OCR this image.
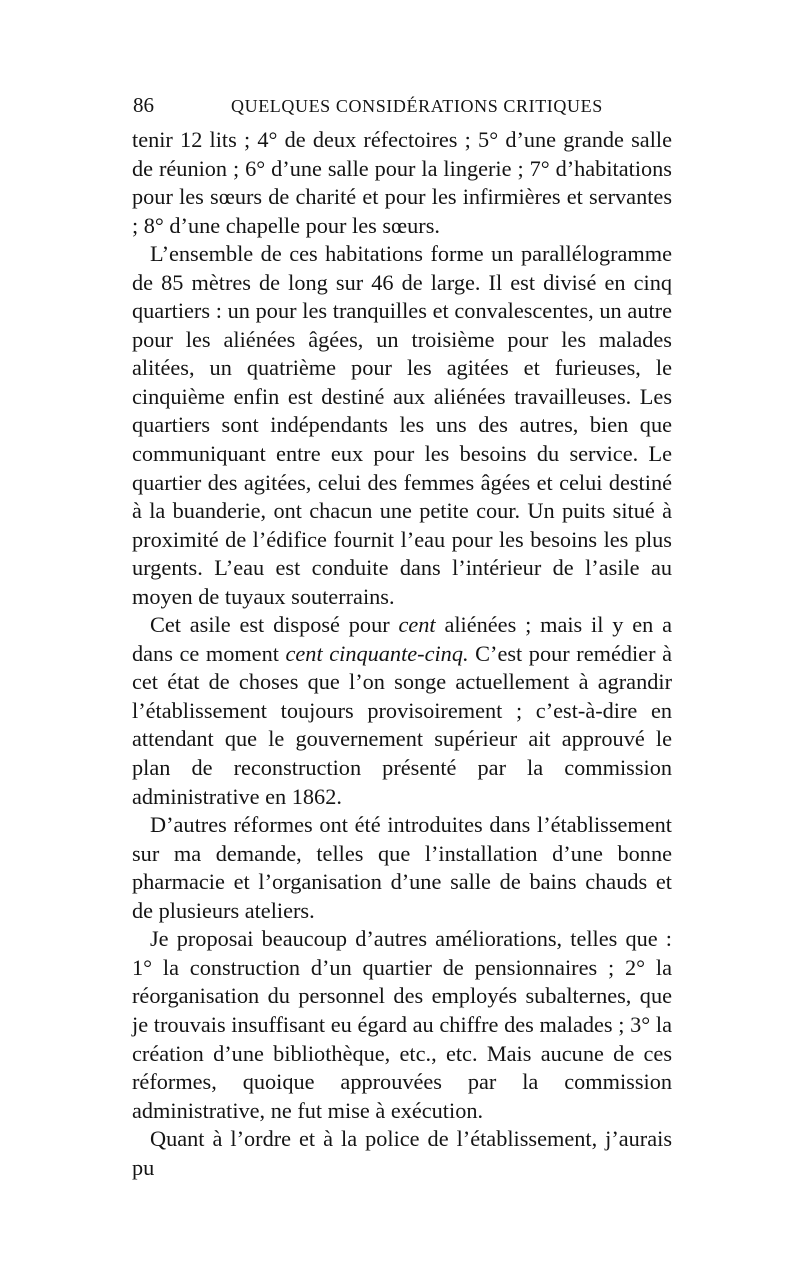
86	QUELQUES CONSIDÉRATIONS CRITIQUES

tenir 12 lits ; 4° de deux réfectoires ; 5° d’une grande salle de réunion ; 6° d’une salle pour la lingerie ; 7° d’habitations pour les sœurs de charité et pour les infirmières et servantes ; 8° d’une chapelle pour les sœurs.

L’ensemble de ces habitations forme un parallélogramme de 85 mètres de long sur 46 de large. Il est divisé en cinq quartiers : un pour les tranquilles et convalescentes, un autre pour les aliénées âgées, un troisième pour les malades alitées, un quatrième pour les agitées et furieuses, le cinquième enfin est destiné aux aliénées travailleuses. Les quartiers sont indépendants les uns des autres, bien que communiquant entre eux pour les besoins du service. Le quartier des agitées, celui des femmes âgées et celui destiné à la buanderie, ont chacun une petite cour. Un puits situé à proximité de l’édifice fournit l’eau pour les besoins les plus urgents. L’eau est conduite dans l’intérieur de l’asile au moyen de tuyaux souterrains.

Cet asile est disposé pour cent aliénées ; mais il y en a dans ce moment cent cinquante-cinq. C’est pour remédier à cet état de choses que l’on songe actuellement à agrandir l’établissement toujours provisoirement ; c’est-à-dire en attendant que le gouvernement supérieur ait approuvé le plan de reconstruction présenté par la commission administrative en 1862.

D’autres réformes ont été introduites dans l’établissement sur ma demande, telles que l’installation d’une bonne pharmacie et l’organisation d’une salle de bains chauds et de plusieurs ateliers.

Je proposai beaucoup d’autres améliorations, telles que : 1° la construction d’un quartier de pensionnaires ; 2° la réorganisation du personnel des employés subalternes, que je trouvais insuffisant eu égard au chiffre des malades ; 3° la création d’une bibliothèque, etc., etc. Mais aucune de ces réformes, quoique approuvées par la commission administrative, ne fut mise à exécution.

Quant à l’ordre et à la police de l’établissement, j’aurais pu
